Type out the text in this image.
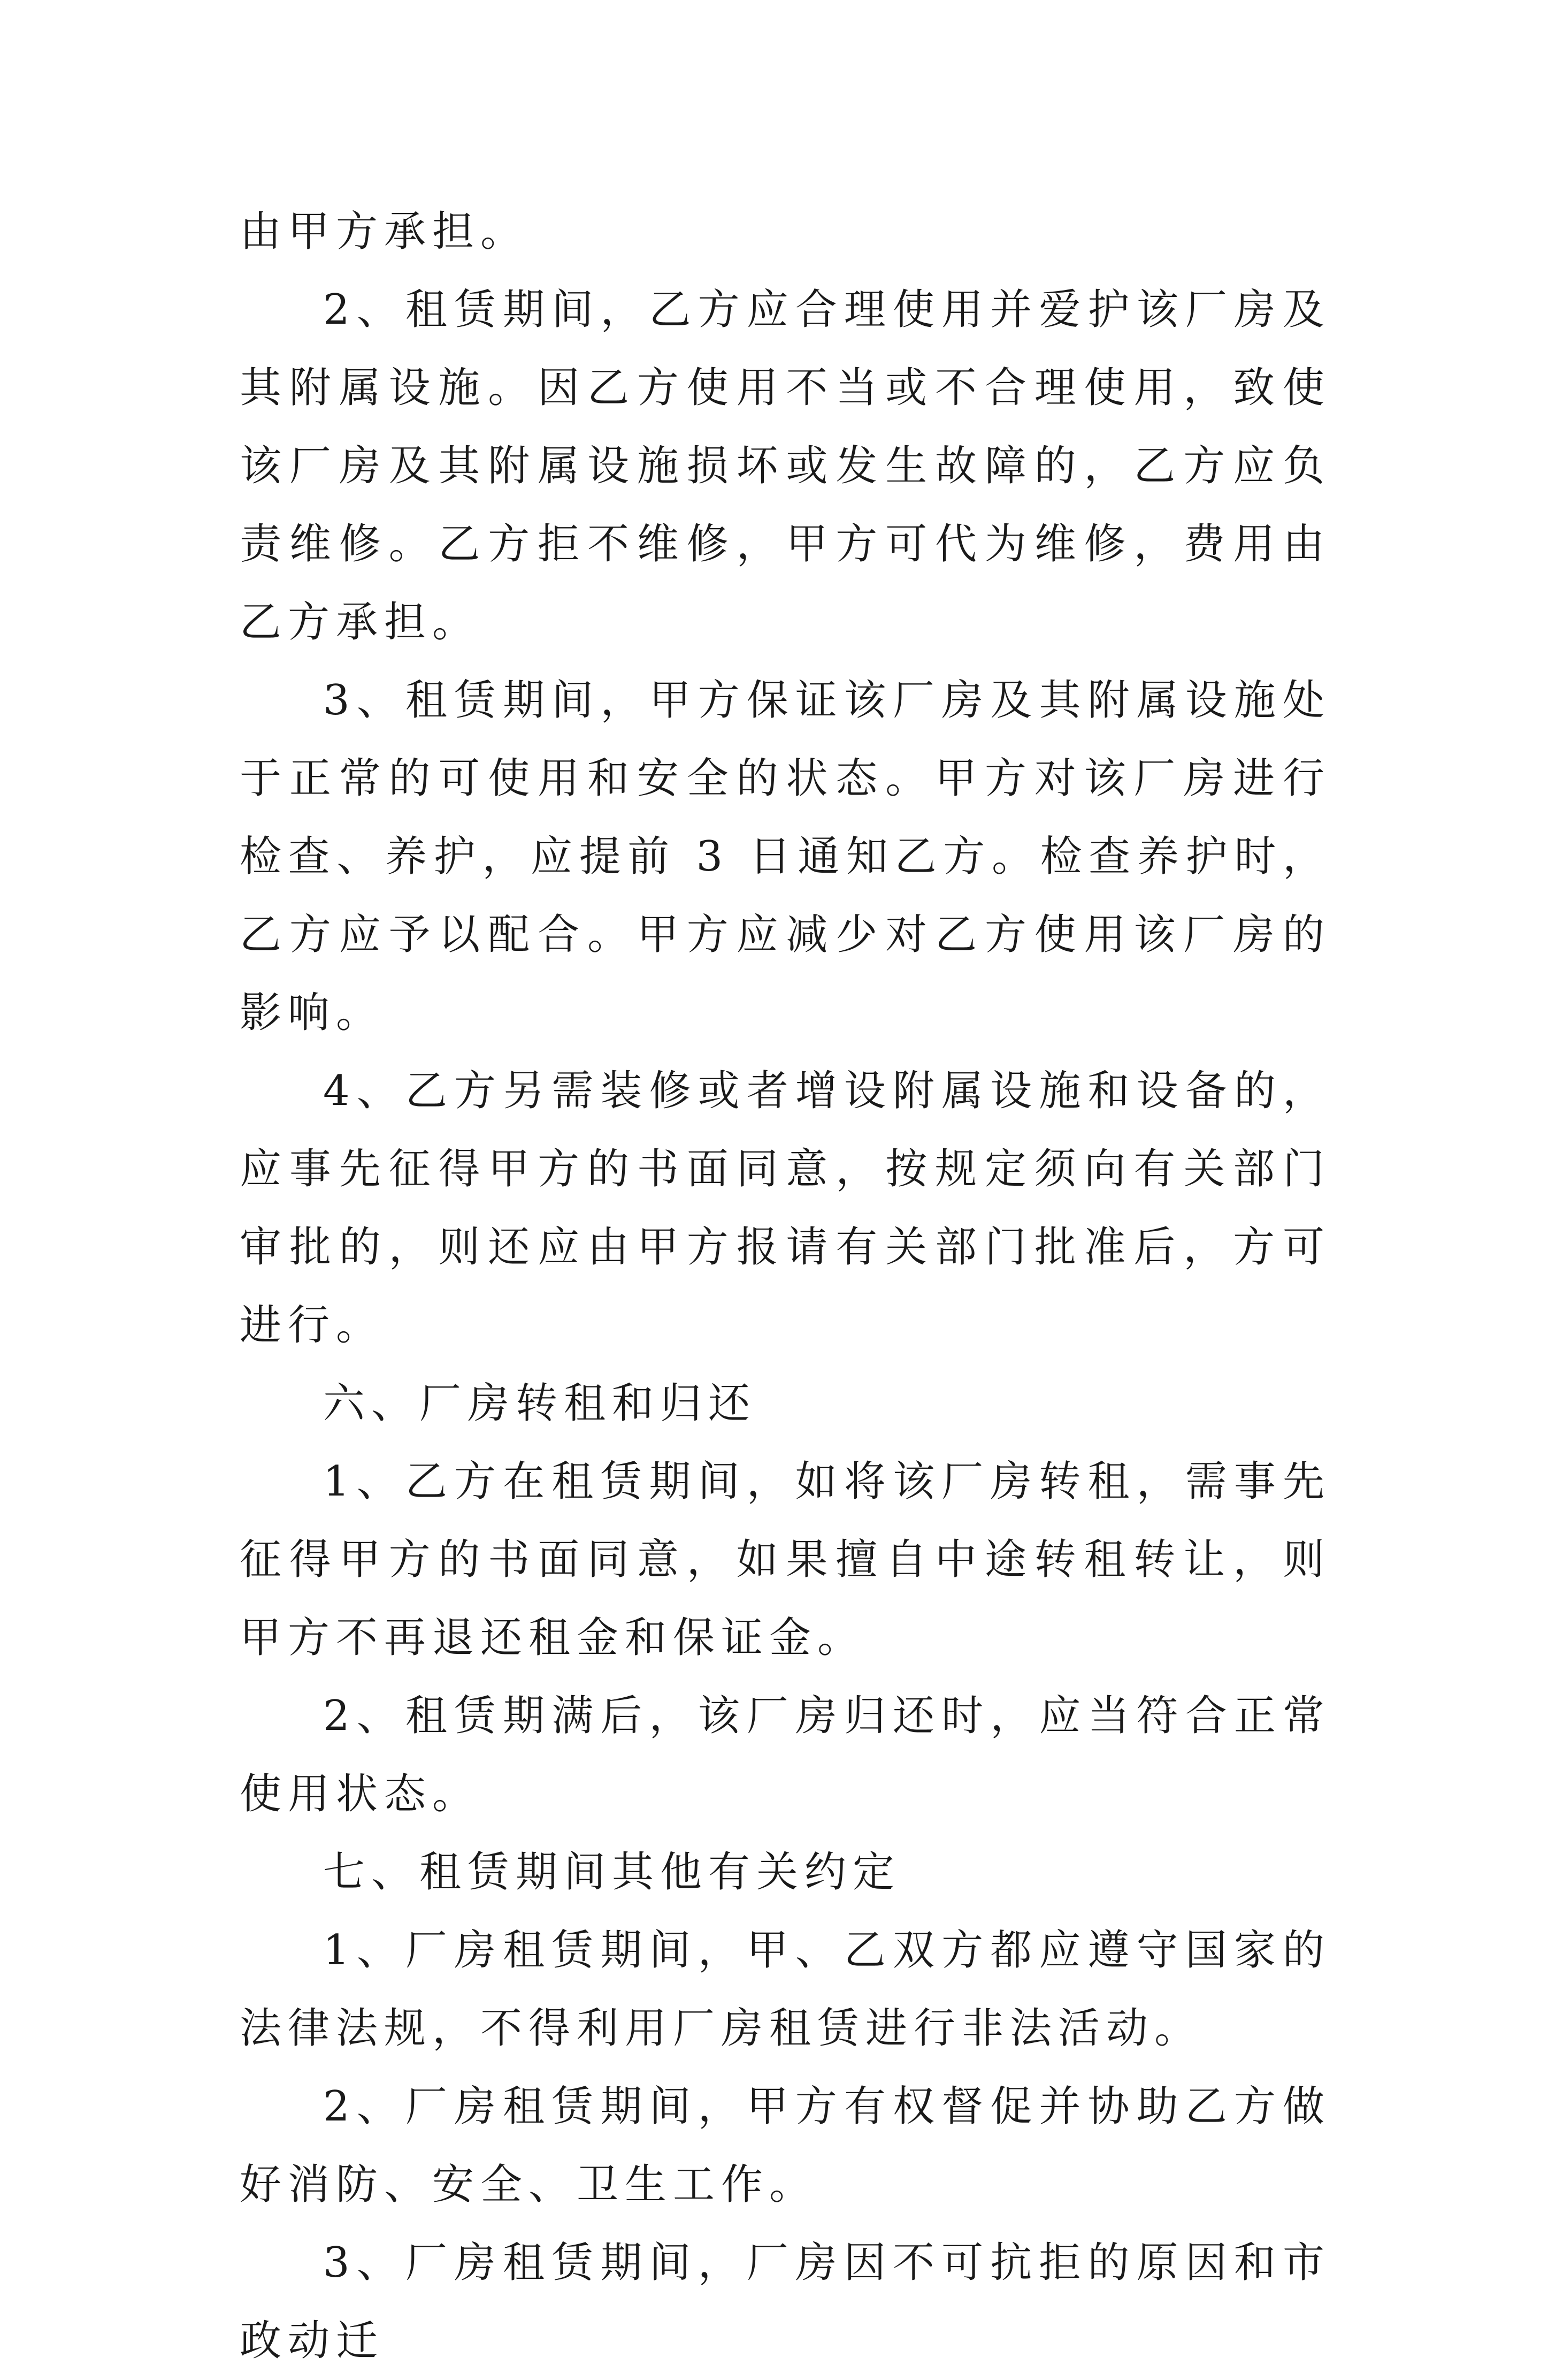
由甲方承担。

2、租赁期间，乙方应合理使用并爱护该厂房及其附属设施。因乙方使用不当或不合理使用，致使该厂房及其附属设施损坏或发生故障的，乙方应负责维修。乙方拒不维修，甲方可代为维修，费用由乙方承担。

3、租赁期间，甲方保证该厂房及其附属设施处于正常的可使用和安全的状态。甲方对该厂房进行检查、养护，应提前 3 日通知乙方。检查养护时，乙方应予以配合。甲方应减少对乙方使用该厂房的影响。

4、乙方另需装修或者增设附属设施和设备的，应事先征得甲方的书面同意，按规定须向有关部门审批的，则还应由甲方报请有关部门批准后，方可进行。

六、厂房转租和归还

1、乙方在租赁期间，如将该厂房转租，需事先征得甲方的书面同意，如果擅自中途转租转让，则甲方不再退还租金和保证金。

2、租赁期满后，该厂房归还时，应当符合正常使用状态。

七、租赁期间其他有关约定

1、厂房租赁期间，甲、乙双方都应遵守国家的法律法规，不得利用厂房租赁进行非法活动。

2、厂房租赁期间，甲方有权督促并协助乙方做好消防、安全、卫生工作。

3、厂房租赁期间，厂房因不可抗拒的原因和市政动迁
